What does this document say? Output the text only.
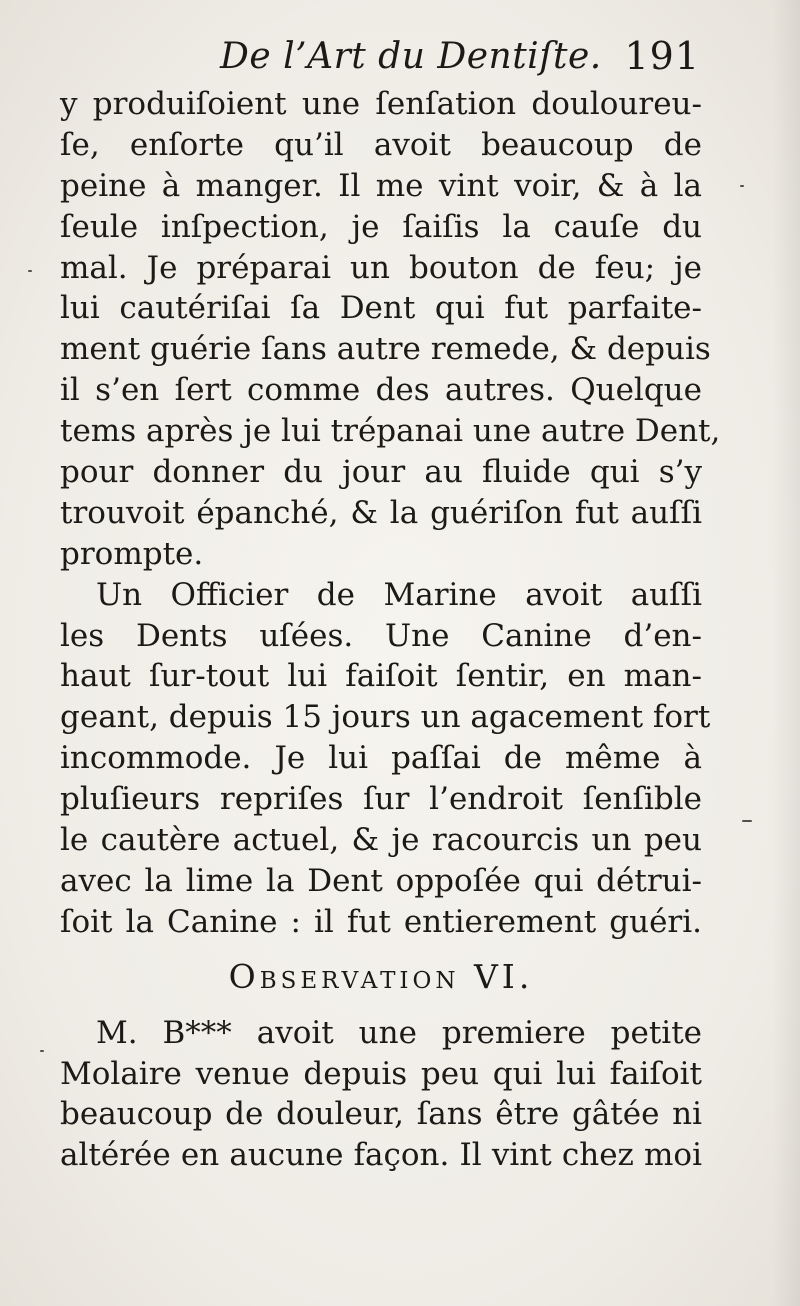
De l’Art du Dentiſte. 191

y produiſoient une ſenſation douloureu-
ſe, enſorte qu’il avoit beaucoup de
peine à manger. Il me vint voir, & à la
ſeule inſpection, je ſaiſis la cauſe du
mal. Je préparai un bouton de feu; je
lui cautériſai ſa Dent qui fut parfaite-
ment guérie ſans autre remede, & depuis
il s’en ſert comme des autres. Quelque
tems après je lui trépanai une autre Dent,
pour donner du jour au fluide qui s’y
trouvoit épanché, & la guériſon fut auſſi
prompte.
Un Officier de Marine avoit auſſi
les Dents uſées. Une Canine d’en-
haut ſur-tout lui faiſoit ſentir, en man-
geant, depuis 15 jours un agacement fort
incommode. Je lui paſſai de même à
pluſieurs repriſes ſur l’endroit ſenſible
le cautère actuel, & je racourcis un peu
avec la lime la Dent oppoſée qui détrui-
ſoit la Canine : il fut entierement guéri.
Observation VI.
M. B*** avoit une premiere petite
Molaire venue depuis peu qui lui faiſoit
beaucoup de douleur, ſans être gâtée ni
altérée en aucune façon. Il vint chez moi
